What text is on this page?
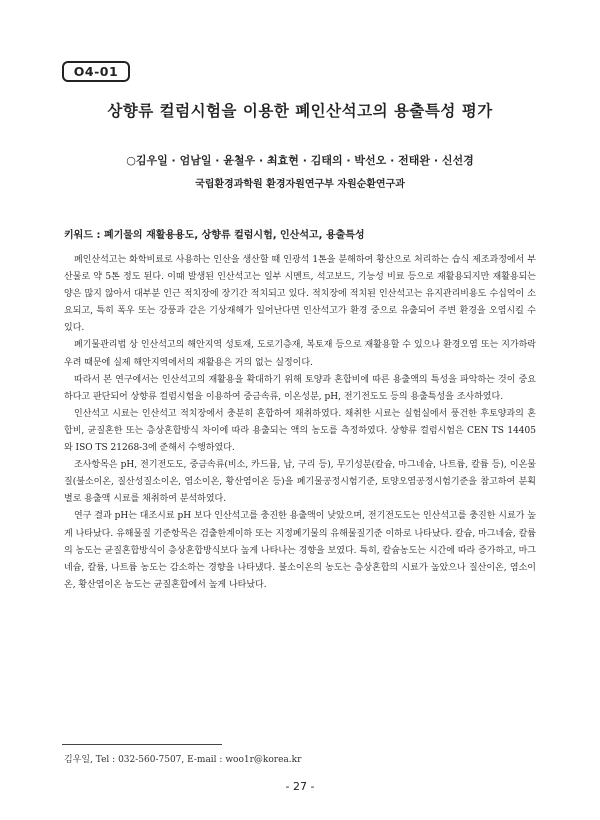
O4-01
상향류 컬럼시험을 이용한 폐인산석고의 용출특성 평가
○김우일 · 엄남일 · 윤철우 · 최효현 · 김태의 · 박선오 · 전태완 · 신선경
국립환경과학원 환경자원연구부 자원순환연구과
키워드 : 폐기물의 재활용용도, 상향류 컬럼시험, 인산석고, 용출특성

폐인산석고는 화학비료로 사용하는 인산을 생산할 때 인광석 1톤을 분해하여 황산으로 처리하는 습식 제조과정에서 부산물로 약 5톤 정도 된다. 이때 발생된 인산석고는 일부 시멘트, 석고보드, 기능성 비료 등으로 재활용되지만 재활용되는 양은 많지 않아서 대부분 인근 적치장에 장기간 적치되고 있다. 적치장에 적치된 인산석고는 유지관리비용도 수십억이 소요되고, 특히 폭우 또는 강풍과 같은 기상재해가 일어난다면 인산석고가 환경 중으로 유출되어 주변 환경을 오염시킬 수 있다.

폐기물관리법 상 인산석고의 해안지역 성토재, 도로기층재, 복토재 등으로 재활용할 수 있으나 환경오염 또는 지가하락 우려 때문에 실제 해안지역에서의 재활용은 거의 없는 실정이다.

따라서 본 연구에서는 인산석고의 재활용을 확대하기 위해 토양과 혼합비에 따른 용출액의 특성을 파악하는 것이 중요하다고 판단되어 상향류 컬럼시험을 이용하여 중금속류, 이온성분, pH, 전기전도도 등의 용출특성을 조사하였다.

인산석고 시료는 인산석고 적치장에서 충분히 혼합하여 채취하였다. 채취한 시료는 실험실에서 풍건한 후토양과의 혼합비, 균질혼한 또는 층상혼합방식 차이에 따라 용출되는 액의 농도를 측정하였다. 상향류 컬럼시험은 CEN TS 14405와 ISO TS 21268-3에 준해서 수행하였다.

조사항목은 pH, 전기전도도, 중금속류(비소, 카드뮴, 납, 구리 등), 무기성분(칼슘, 마그네슘, 나트륨, 칼륨 등), 이온물질(불소이온, 질산성질소이온, 염소이온, 황산염이온 등)을 폐기물공정시험기준, 토양오염공정시험기준을 참고하여 분획별로 용출액 시료를 채취하여 분석하였다.

연구 결과 pH는 대조시료 pH 보다 인산석고를 충진한 용출액이 낮았으며, 전기전도도는 인산석고를 충진한 시료가 높게 나타났다. 유해물질 기준항목은 검출한계이하 또는 지정폐기물의 유해물질기준 이하로 나타났다. 칼슘, 마그네슘, 칼륨의 농도는 균질혼합방식이 층상혼합방식보다 높게 나타나는 경향을 보였다. 특히, 칼슘농도는 시간에 따라 증가하고, 마그네슘, 칼륨, 나트륨 농도는 감소하는 경향을 나타냈다. 불소이온의 농도는 층상혼합의 시료가 높았으나 질산이온, 염소이온, 황산염이온 농도는 균질혼합에서 높게 나타났다.

김우일, Tel : 032-560-7507, E-mail : woo1r@korea.kr
- 27 -
